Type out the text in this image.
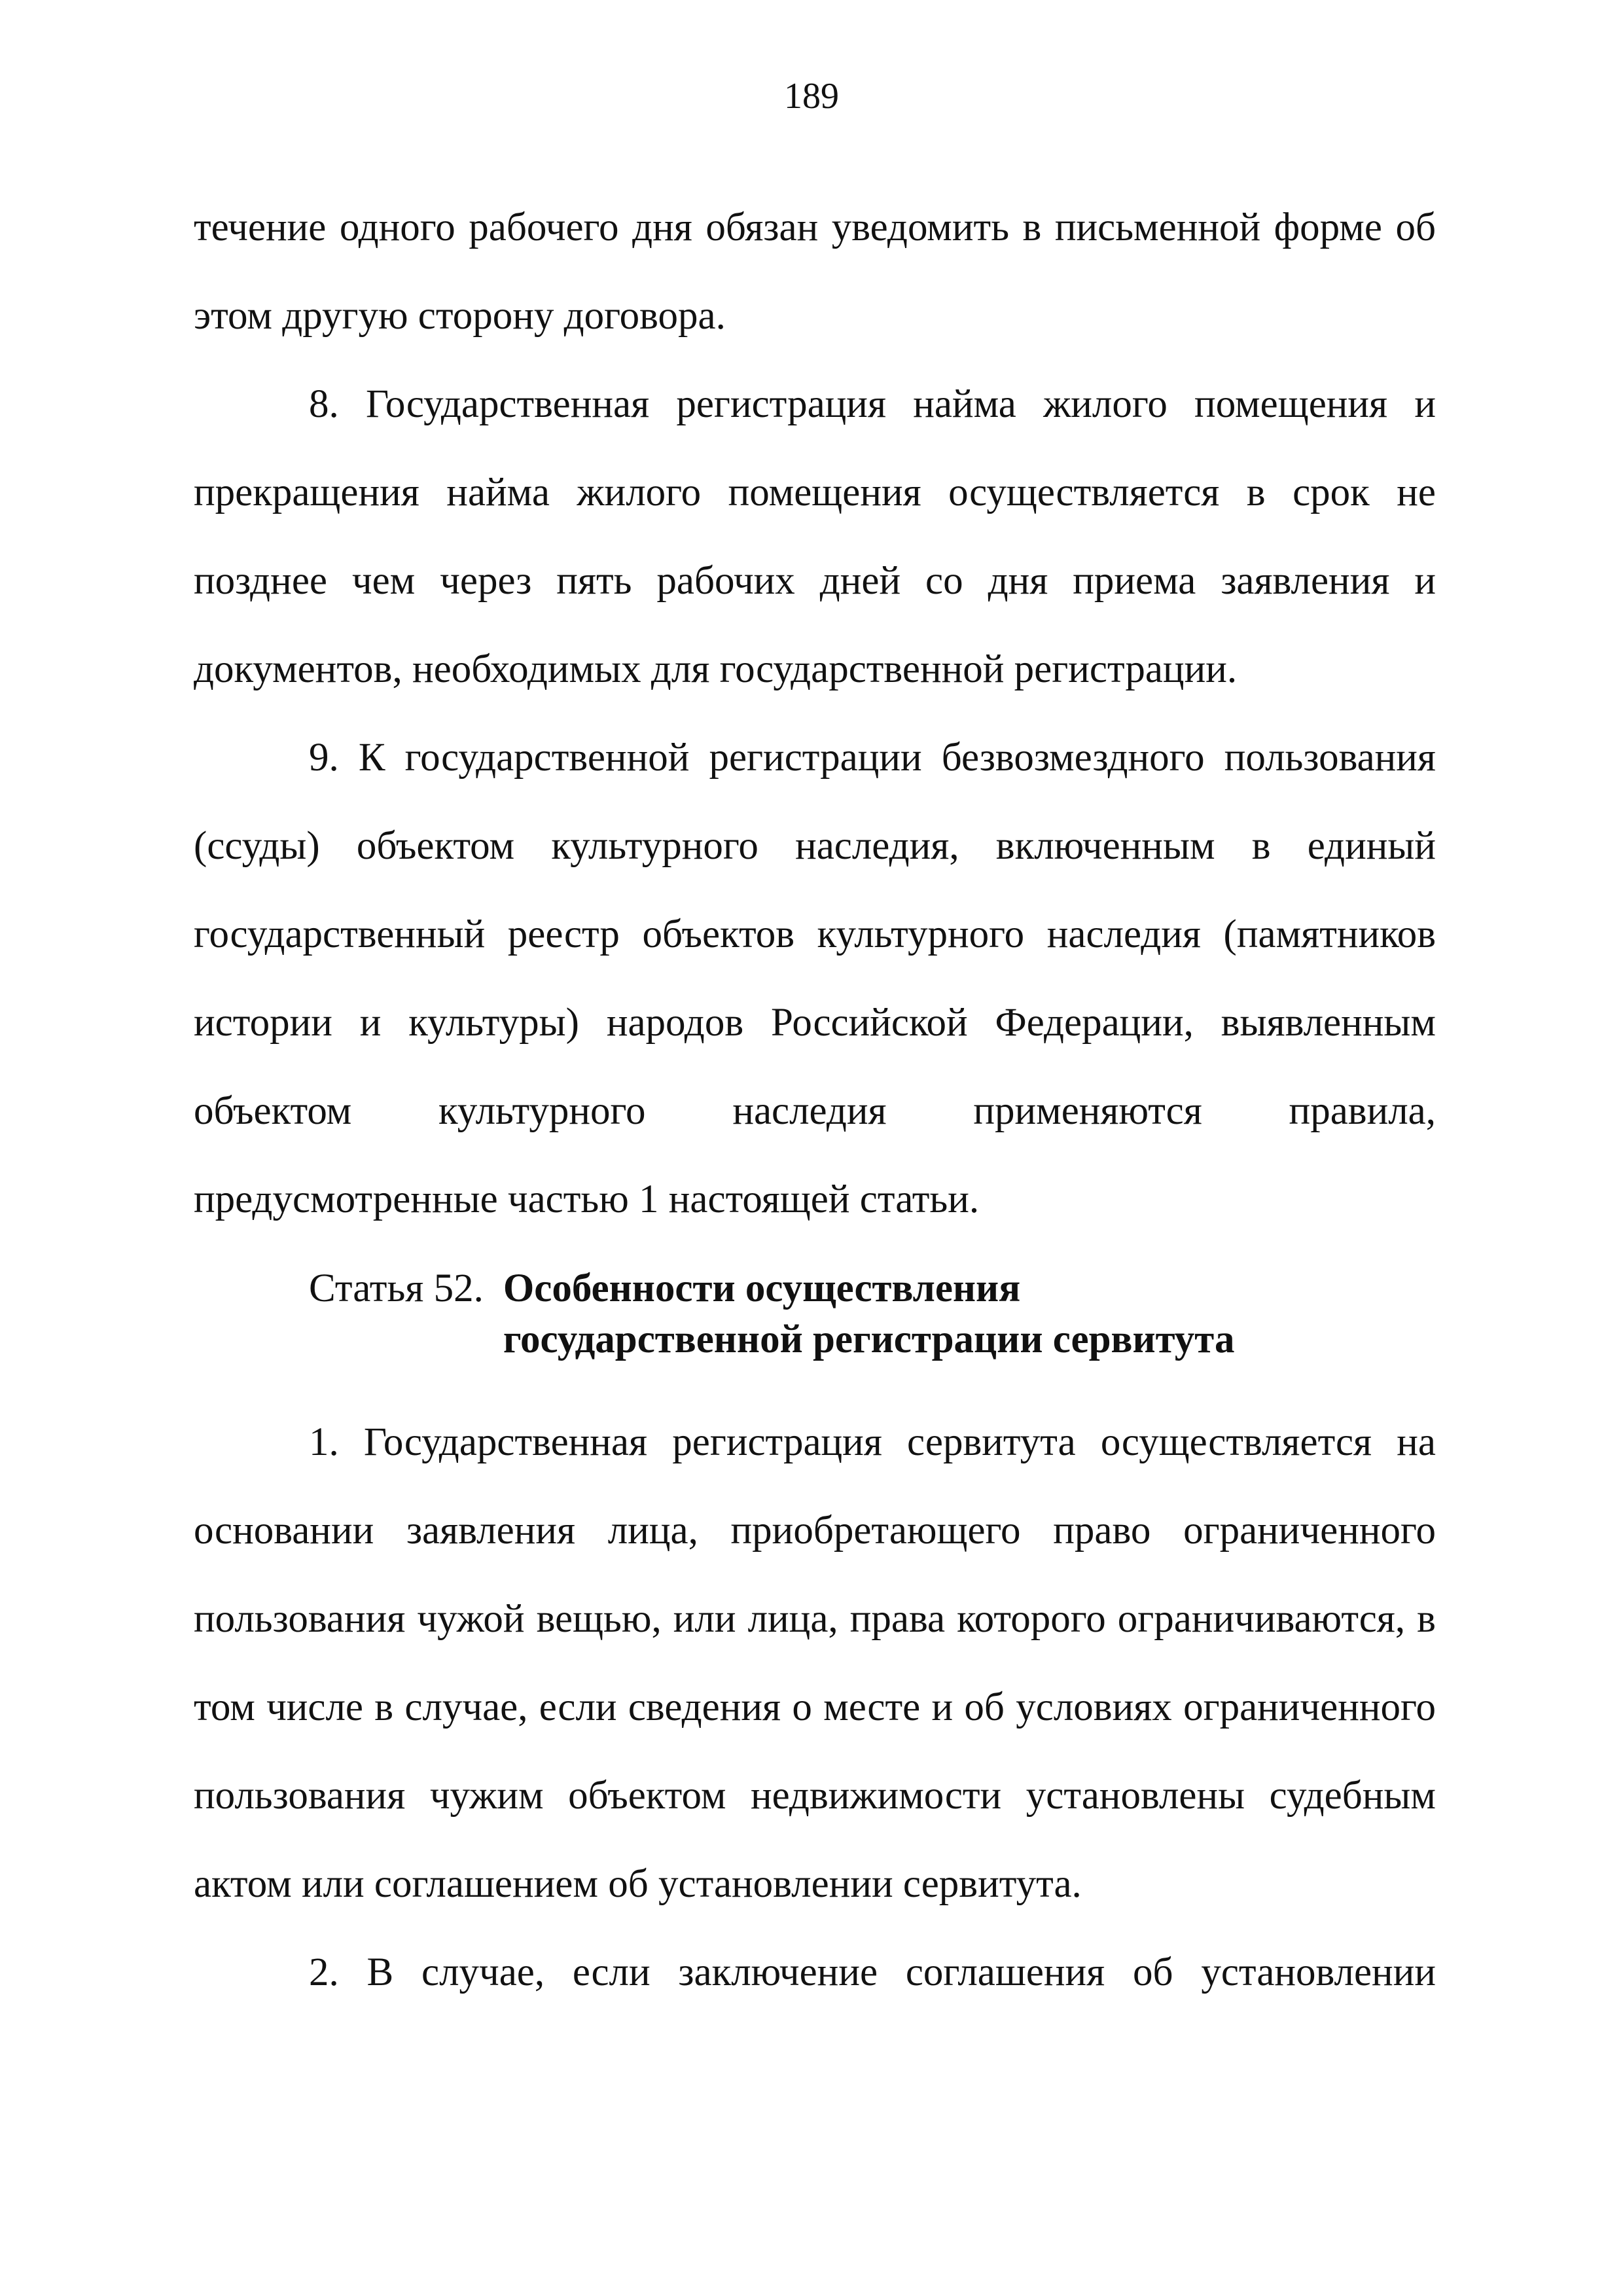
189

течение одного рабочего дня обязан уведомить в письменной форме об этом другую сторону договора.

8. Государственная регистрация найма жилого помещения и прекращения найма жилого помещения осуществляется в срок не позднее чем через пять рабочих дней со дня приема заявления и документов, необходимых для государственной регистрации.

9. К государственной регистрации безвозмездного пользования (ссуды) объектом культурного наследия, включенным в единый государственный реестр объектов культурного наследия (памятников истории и культуры) народов Российской Федерации, выявленным объектом культурного наследия применяются правила, предусмотренные частью 1 настоящей статьи.

Статья 52. Особенности осуществления государственной регистрации сервитута

1. Государственная регистрация сервитута осуществляется на основании заявления лица, приобретающего право ограниченного пользования чужой вещью, или лица, права которого ограничиваются, в том числе в случае, если сведения о месте и об условиях ограниченного пользования чужим объектом недвижимости установлены судебным актом или соглашением об установлении сервитута.

2. В случае, если заключение соглашения об установлении
